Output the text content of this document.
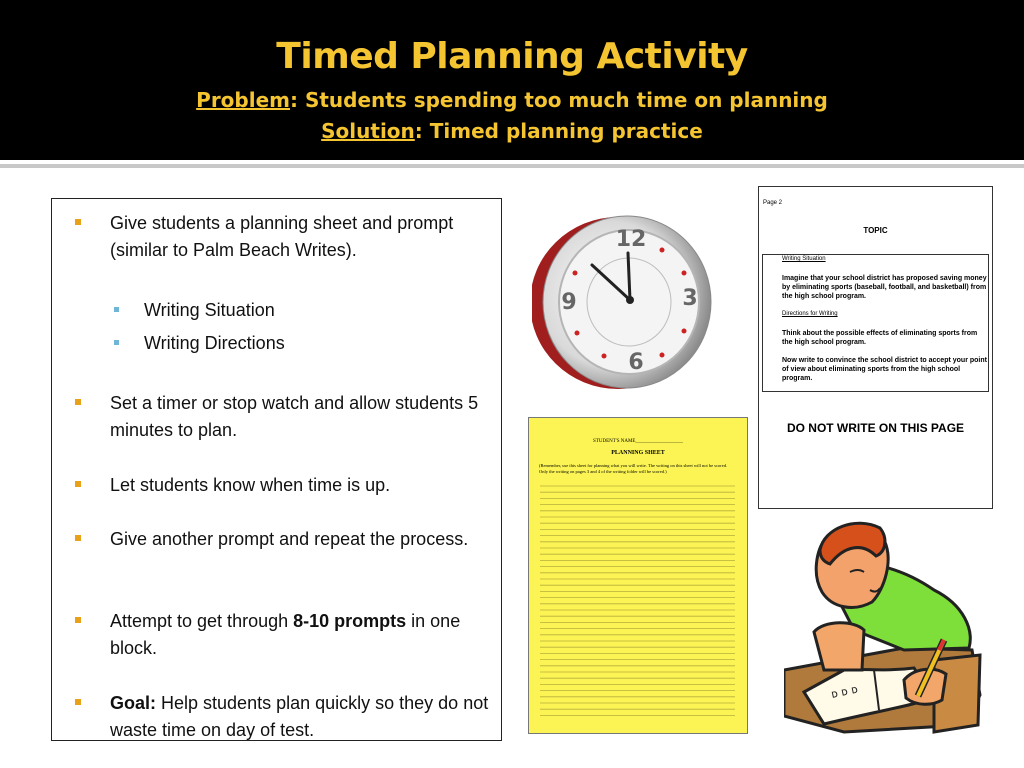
Timed Planning Activity
Problem: Students spending too much time on planning
Solution: Timed planning practice
Give students a planning sheet and prompt (similar to Palm Beach Writes).
Writing Situation
Writing Directions
Set a timer or stop watch and allow students 5 minutes to plan.
Let students know when time is up.
Give another prompt and repeat the process.
Attempt to get through 8-10 prompts in one block.
Goal: Help students plan quickly so they do not waste time on day of test.
12
3
6
9
Page 2
TOPIC
Writing Situation
Imagine that your school district has proposed saving money by eliminating sports (baseball, football, and basketball) from the high school program.
Directions for Writing
Think about the possible effects of eliminating sports from the high school program.
Now write to convince the school district to accept your point of view about eliminating sports from the high school program.
DO NOT WRITE ON THIS PAGE
STUDENT'S NAME___________________
PLANNING SHEET
(Remember, use this sheet for planning what you will write. The writing on this sheet will not be scored. Only the writing on pages 3 and 4 of the writing folder will be scored.)
ᴅ ᴅ ᴅ
